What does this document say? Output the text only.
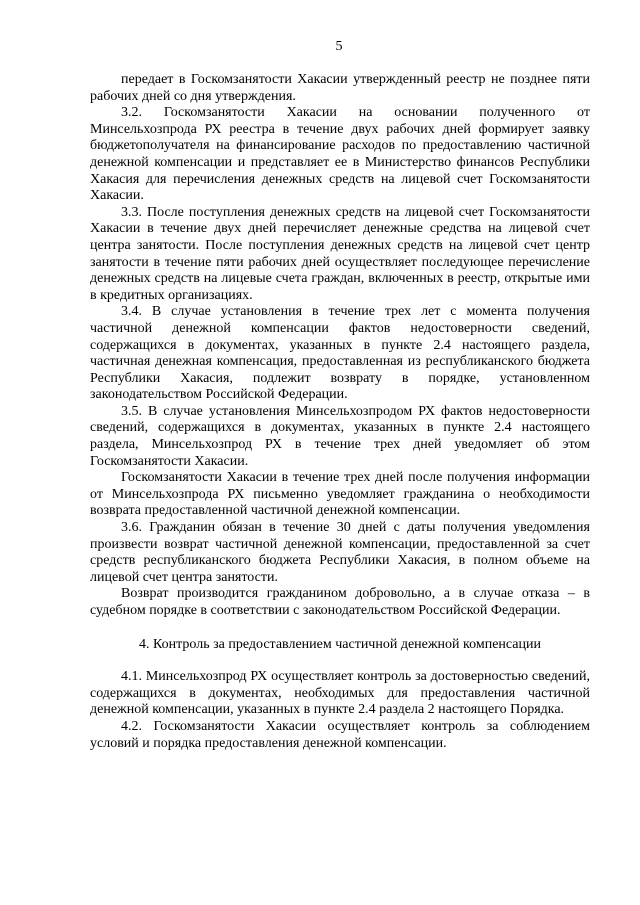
5

передает в Госкомзанятости Хакасии утвержденный реестр не позднее пяти рабочих дней со дня утверждения.

3.2. Госкомзанятости Хакасии на основании полученного от Минсельхозпрода РХ реестра в течение двух рабочих дней формирует заявку бюджетополучателя на финансирование расходов по предоставлению частичной денежной компенсации и представляет ее в Министерство финансов Республики Хакасия для перечисления денежных средств на лицевой счет Госкомзанятости Хакасии.

3.3. После поступления денежных средств на лицевой счет Госкомзанятости Хакасии в течение двух дней перечисляет денежные средства на лицевой счет центра занятости. После поступления денежных средств на лицевой счет центр занятости в течение пяти рабочих дней осуществляет последующее перечисление денежных средств на лицевые счета граждан, включенных в реестр, открытые ими в кредитных организациях.

3.4. В случае установления в течение трех лет с момента получения частичной денежной компенсации фактов недостоверности сведений, содержащихся в документах, указанных в пункте 2.4 настоящего раздела, частичная денежная компенсация, предоставленная из республиканского бюджета Республики Хакасия, подлежит возврату в порядке, установленном законодательством Российской Федерации.

3.5. В случае установления Минсельхозпродом РХ фактов недостоверности сведений, содержащихся в документах, указанных в пункте 2.4 настоящего раздела, Минсельхозпрод РХ в течение трех дней уведомляет об этом Госкомзанятости Хакасии.

Госкомзанятости Хакасии в течение трех дней после получения информации от Минсельхозпрода РХ письменно уведомляет гражданина о необходимости возврата предоставленной частичной денежной компенсации.

3.6. Гражданин обязан в течение 30 дней с даты получения уведомления произвести возврат частичной денежной компенсации, предоставленной за счет средств республиканского бюджета Республики Хакасия, в полном объеме на лицевой счет центра занятости.

Возврат производится гражданином добровольно, а в случае отказа – в судебном порядке в соответствии с законодательством Российской Федерации.

4. Контроль за предоставлением частичной денежной компенсации

4.1. Минсельхозпрод РХ осуществляет контроль за достоверностью сведений, содержащихся в документах, необходимых для предоставления частичной денежной компенсации, указанных в пункте 2.4 раздела 2 настоящего Порядка.

4.2. Госкомзанятости Хакасии осуществляет контроль за соблюдением условий и порядка предоставления денежной компенсации.
